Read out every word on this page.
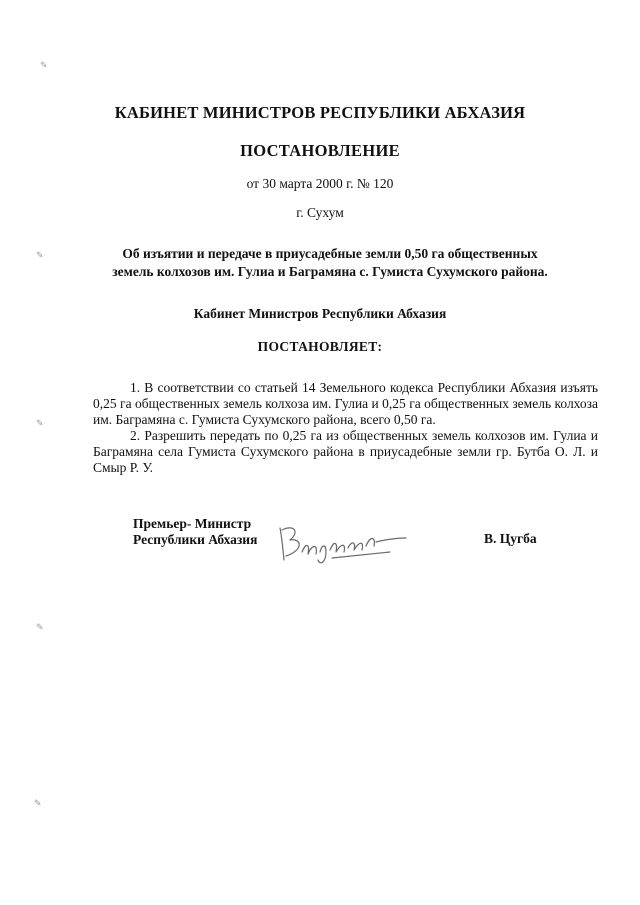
КАБИНЕТ МИНИСТРОВ РЕСПУБЛИКИ АБХАЗИЯ
ПОСТАНОВЛЕНИЕ
от 30 марта 2000 г. № 120
г. Сухум
Об изъятии и передаче в приусадебные земли 0,50 га общественных
земель колхозов им. Гулиа и Баграмяна с. Гумиста Сухумского района.
Кабинет Министров Республики Абхазия
ПОСТАНОВЛЯЕТ:

1. В соответствии со статьей 14 Земельного кодекса Республики Абхазия изъять 0,25 га общественных земель колхоза им. Гулиа и 0,25 га общественных земель колхоза им. Баграмяна с. Гумиста Сухумского района, всего 0,50 га.

2. Разрешить передать по 0,25 га из общественных земель колхозов им. Гулиа и Баграмяна села Гумиста Сухумского района в приусадебные земли гр. Бутба О. Л. и Смыр Р. У.

Премьер- Министр
Республики Абхазия	В. Цугба
✎
✎
✎
✎
✎
